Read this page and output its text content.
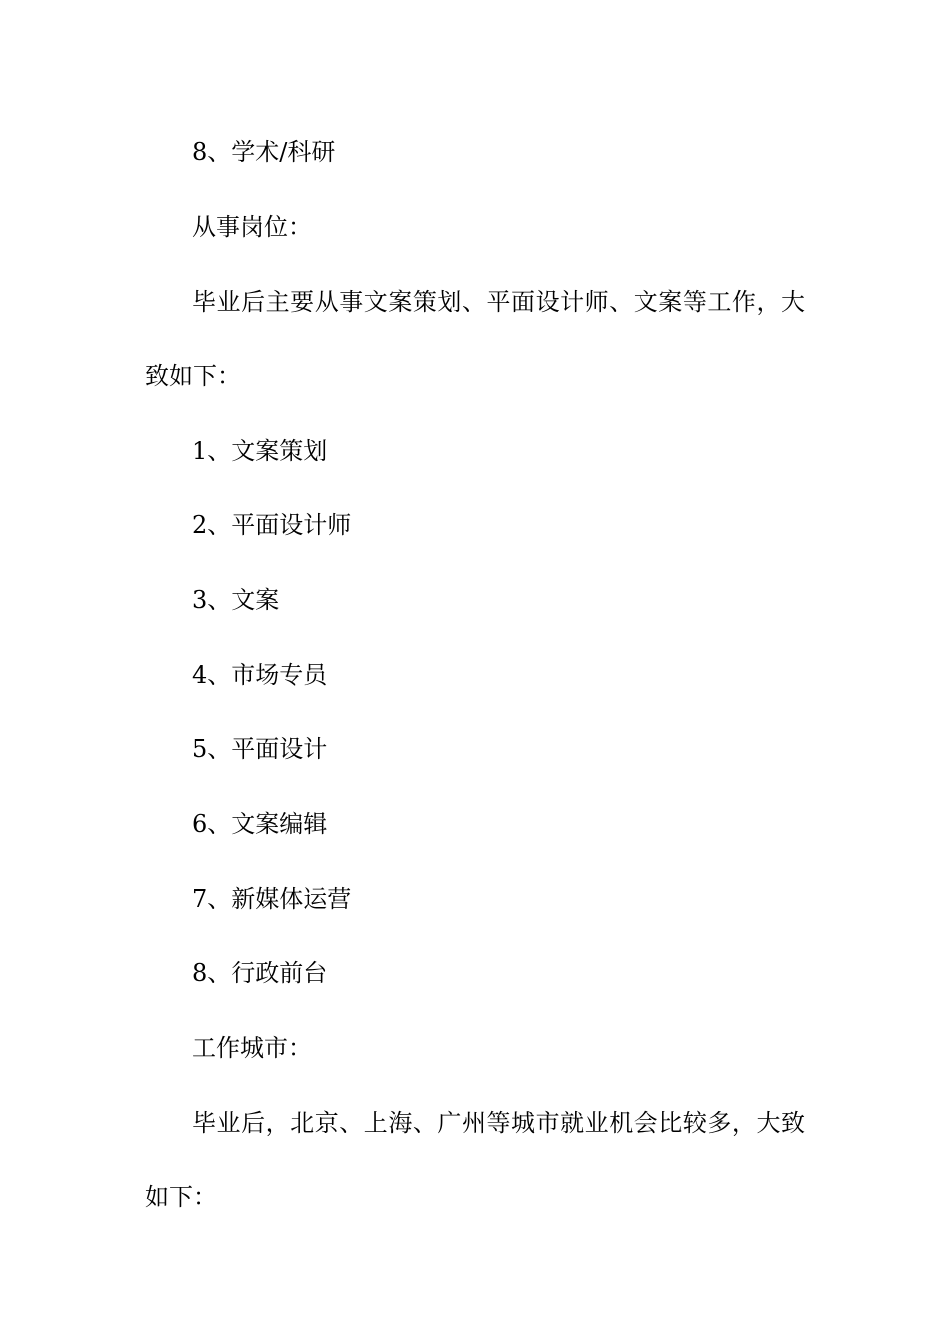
8、学术/科研
从事岗位：
毕业后主要从事文案策划、平面设计师、文案等工作，大
致如下：
1、文案策划
2、平面设计师
3、文案
4、市场专员
5、平面设计
6、文案编辑
7、新媒体运营
8、行政前台
工作城市：
毕业后，北京、上海、广州等城市就业机会比较多，大致
如下：
